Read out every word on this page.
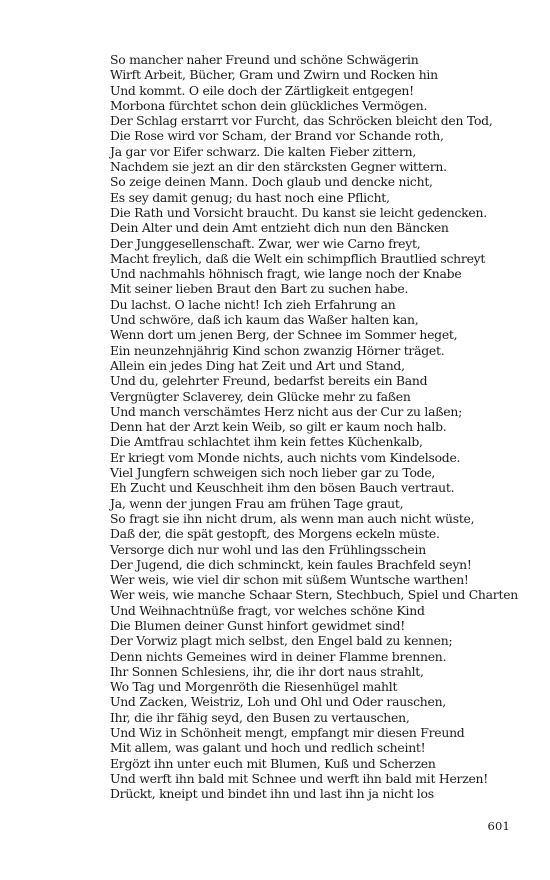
So mancher naher Freund und schöne Schwägerin
Wirft Arbeit, Bücher, Gram und Zwirn und Rocken hin
Und kommt. O eile doch der Zärtligkeit entgegen!
Morbona fürchtet schon dein glückliches Vermögen.
Der Schlag erstarrt vor Furcht, das Schröcken bleicht den Tod,
Die Rose wird vor Scham, der Brand vor Schande roth,
Ja gar vor Eifer schwarz. Die kalten Fieber zittern,
Nachdem sie jezt an dir den stärcksten Gegner wittern.
So zeige deinen Mann. Doch glaub und dencke nicht,
Es sey damit genug; du hast noch eine Pflicht,
Die Rath und Vorsicht braucht. Du kanst sie leicht gedencken.
Dein Alter und dein Amt entzieht dich nun den Bäncken
Der Junggesellenschaft. Zwar, wer wie Carno freyt,
Macht freylich, daß die Welt ein schimpflich Brautlied schreyt
Und nachmahls höhnisch fragt, wie lange noch der Knabe
Mit seiner lieben Braut den Bart zu suchen habe.
Du lachst. O lache nicht! Ich zieh Erfahrung an
Und schwöre, daß ich kaum das Waßer halten kan,
Wenn dort um jenen Berg, der Schnee im Sommer heget,
Ein neunzehnjährig Kind schon zwanzig Hörner träget.
Allein ein jedes Ding hat Zeit und Art und Stand,
Und du, gelehrter Freund, bedarfst bereits ein Band
Vergnügter Sclaverey, dein Glücke mehr zu faßen
Und manch verschämtes Herz nicht aus der Cur zu laßen;
Denn hat der Arzt kein Weib, so gilt er kaum noch halb.
Die Amtfrau schlachtet ihm kein fettes Küchenkalb,
Er kriegt vom Monde nichts, auch nichts vom Kindelsode.
Viel Jungfern schweigen sich noch lieber gar zu Tode,
Eh Zucht und Keuschheit ihm den bösen Bauch vertraut.
Ja, wenn der jungen Frau am frühen Tage graut,
So fragt sie ihn nicht drum, als wenn man auch nicht wüste,
Daß der, die spät gestopft, des Morgens eckeln müste.
Versorge dich nur wohl und las den Frühlingsschein
Der Jugend, die dich schminckt, kein faules Brachfeld seyn!
Wer weis, wie viel dir schon mit süßem Wuntsche warthen!
Wer weis, wie manche Schaar Stern, Stechbuch, Spiel und Charten
Und Weihnachtnüße fragt, vor welches schöne Kind
Die Blumen deiner Gunst hinfort gewidmet sind!
Der Vorwiz plagt mich selbst, den Engel bald zu kennen;
Denn nichts Gemeines wird in deiner Flamme brennen.
Ihr Sonnen Schlesiens, ihr, die ihr dort naus strahlt,
Wo Tag und Morgenröth die Riesenhügel mahlt
Und Zacken, Weistriz, Loh und Ohl und Oder rauschen,
Ihr, die ihr fähig seyd, den Busen zu vertauschen,
Und Wiz in Schönheit mengt, empfangt mir diesen Freund
Mit allem, was galant und hoch und redlich scheint!
Ergözt ihn unter euch mit Blumen, Kuß und Scherzen
Und werft ihn bald mit Schnee und werft ihn bald mit Herzen!
Drückt, kneipt und bindet ihn und last ihn ja nicht los
601
